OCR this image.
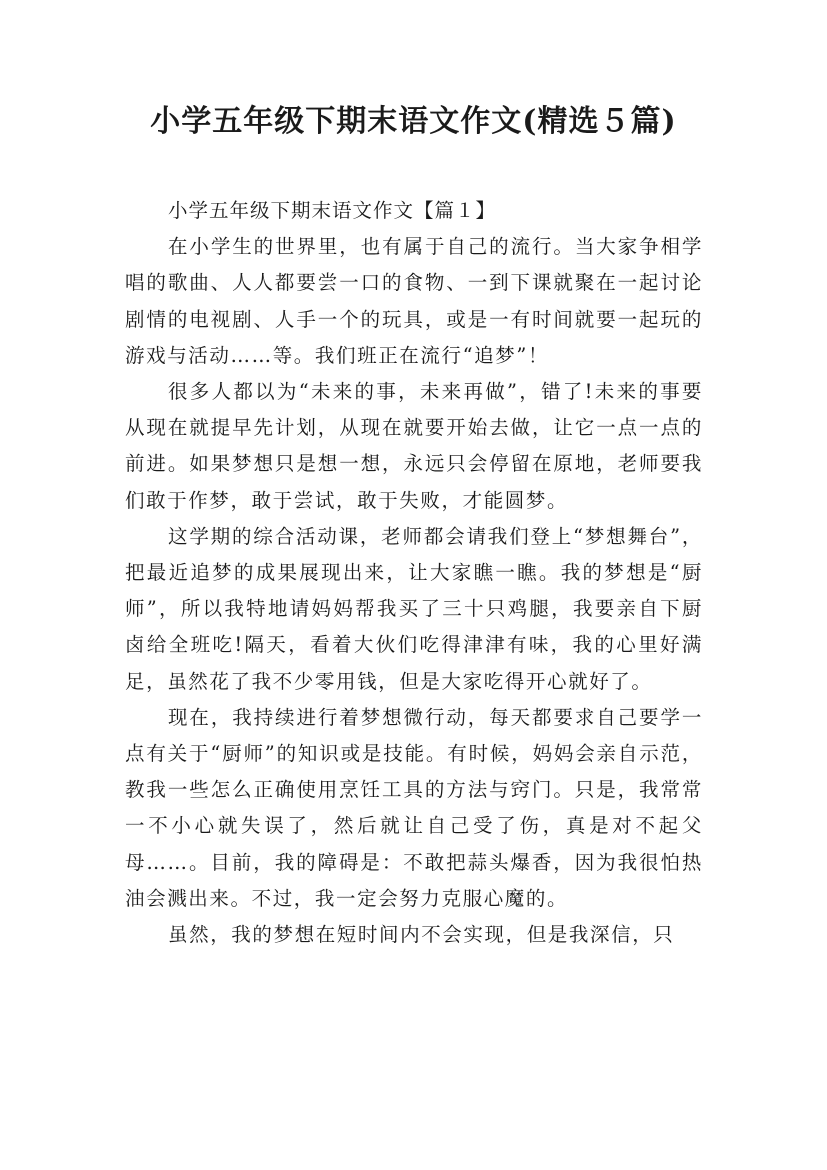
小学五年级下期末语文作文(精选５篇)

小学五年级下期末语文作文【篇１】

在小学生的世界里，也有属于自己的流行。当大家争相学唱的歌曲、人人都要尝一口的食物、一到下课就聚在一起讨论剧情的电视剧、人手一个的玩具，或是一有时间就要一起玩的游戏与活动……等。我们班正在流行“追梦”！

很多人都以为“未来的事，未来再做”，错了!未来的事要从现在就提早先计划，从现在就要开始去做，让它一点一点的前进。如果梦想只是想一想，永远只会停留在原地，老师要我们敢于作梦，敢于尝试，敢于失败，才能圆梦。

这学期的综合活动课，老师都会请我们登上“梦想舞台”，把最近追梦的成果展现出来，让大家瞧一瞧。我的梦想是“厨师”，所以我特地请妈妈帮我买了三十只鸡腿，我要亲自下厨卤给全班吃!隔天，看着大伙们吃得津津有味，我的心里好满足，虽然花了我不少零用钱，但是大家吃得开心就好了。

现在，我持续进行着梦想微行动，每天都要求自己要学一点有关于“厨师”的知识或是技能。有时候，妈妈会亲自示范，教我一些怎么正确使用烹饪工具的方法与窍门。只是，我常常一不小心就失误了，然后就让自己受了伤，真是对不起父母……。目前，我的障碍是：不敢把蒜头爆香，因为我很怕热油会溅出来。不过，我一定会努力克服心魔的。

虽然，我的梦想在短时间内不会实现，但是我深信，只
